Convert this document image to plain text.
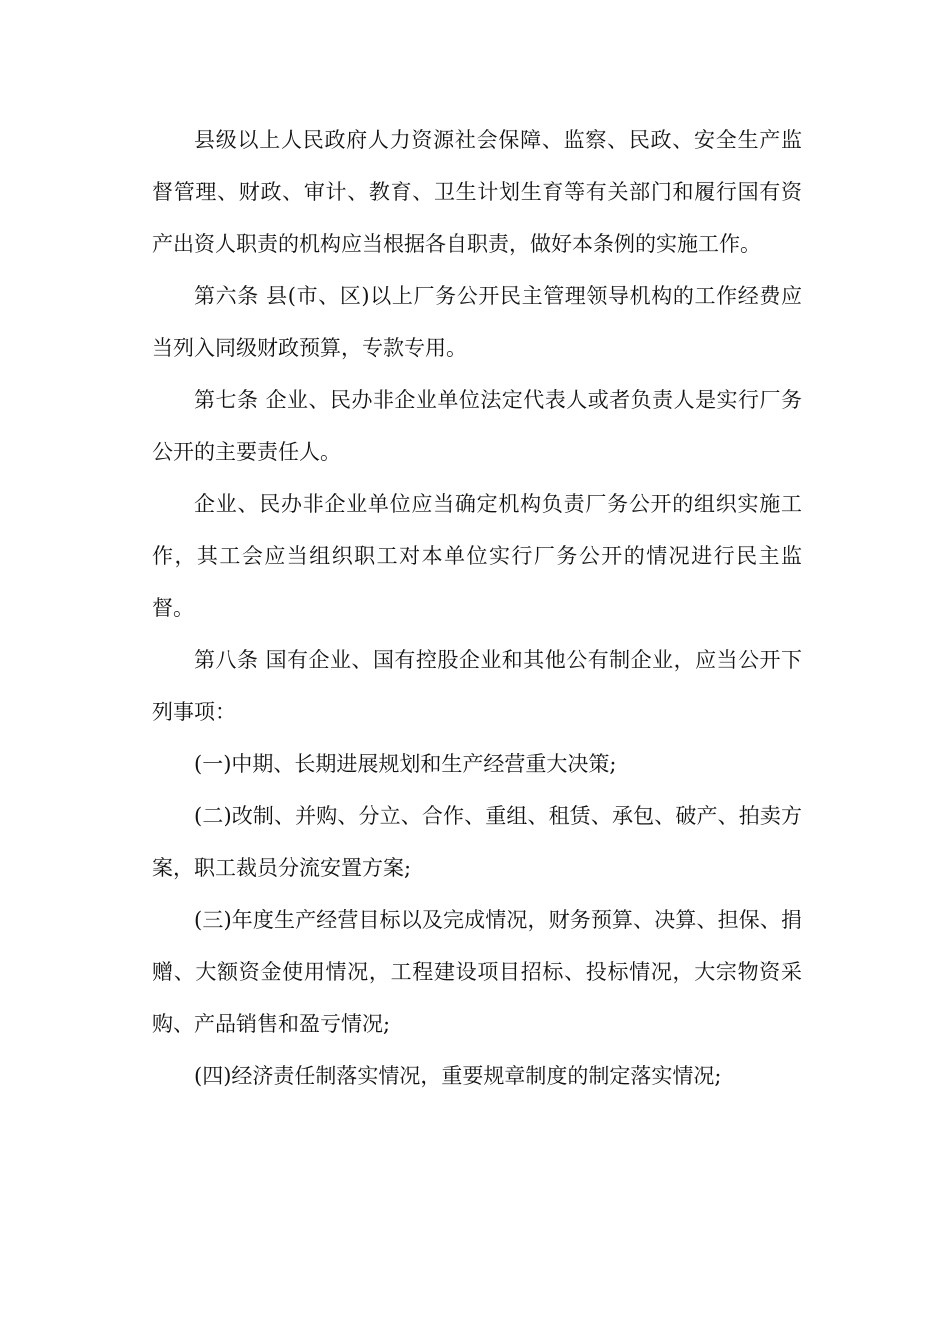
县级以上人民政府人力资源社会保障、监察、民政、安全生产监督管理、财政、审计、教育、卫生计划生育等有关部门和履行国有资产出资人职责的机构应当根据各自职责，做好本条例的实施工作。

第六条 县(市、区)以上厂务公开民主管理领导机构的工作经费应当列入同级财政预算，专款专用。

第七条 企业、民办非企业单位法定代表人或者负责人是实行厂务公开的主要责任人。

企业、民办非企业单位应当确定机构负责厂务公开的组织实施工作，其工会应当组织职工对本单位实行厂务公开的情况进行民主监督。

第八条 国有企业、国有控股企业和其他公有制企业，应当公开下列事项：

(一)中期、长期进展规划和生产经营重大决策;

(二)改制、并购、分立、合作、重组、租赁、承包、破产、拍卖方案，职工裁员分流安置方案;

(三)年度生产经营目标以及完成情况，财务预算、决算、担保、捐赠、大额资金使用情况，工程建设项目招标、投标情况，大宗物资采购、产品销售和盈亏情况;

(四)经济责任制落实情况，重要规章制度的制定落实情况;
